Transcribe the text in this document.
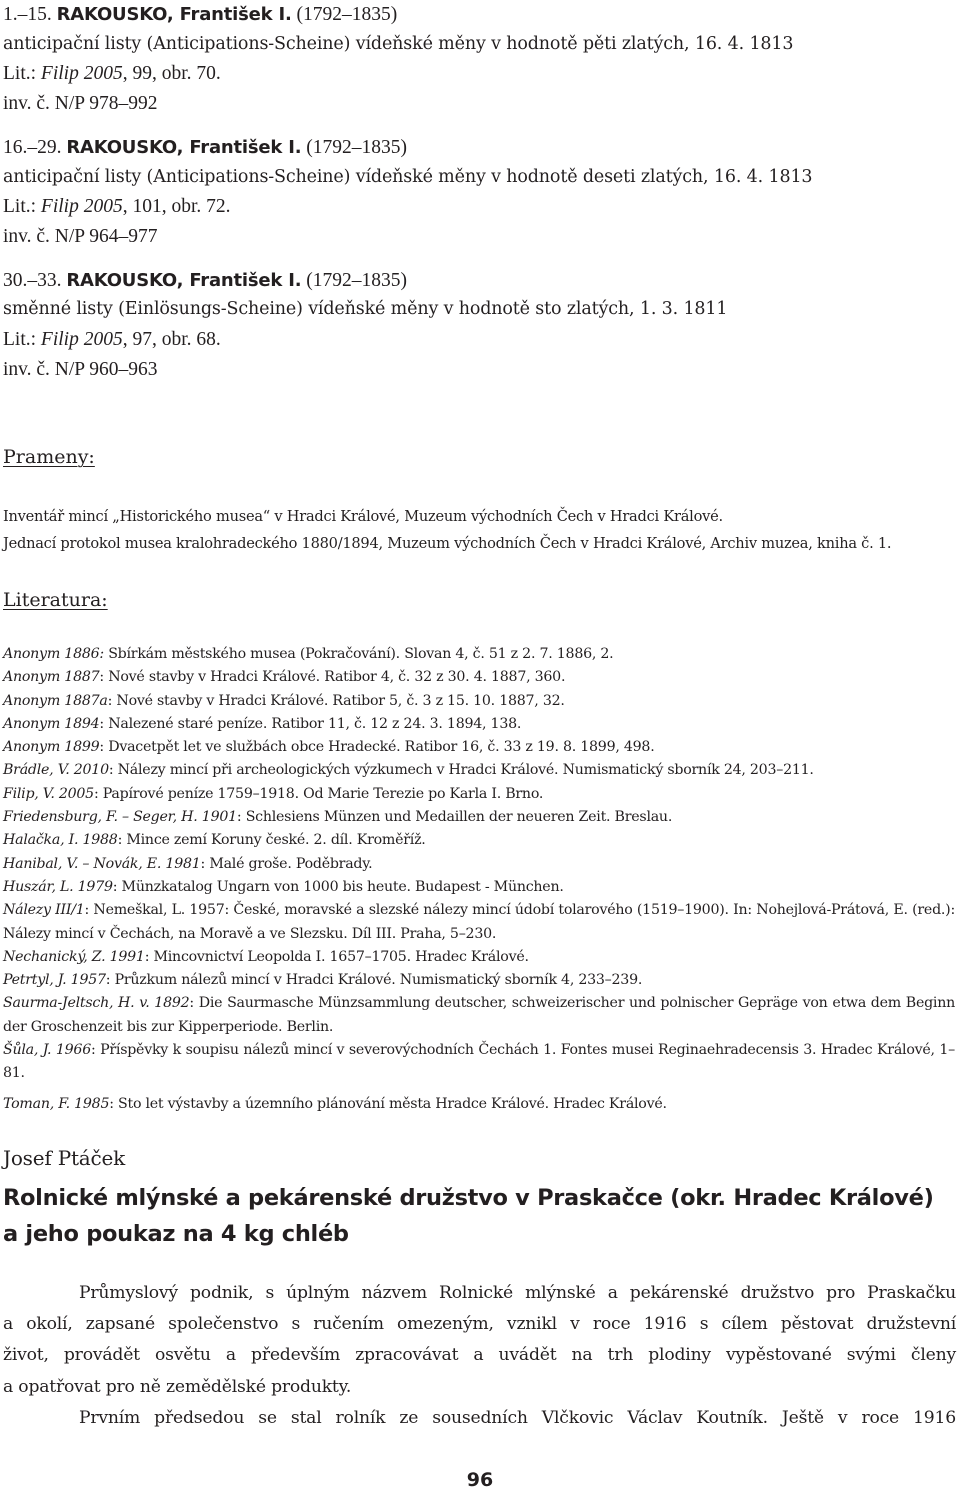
1.–15. RAKOUSKO, František I. (1792–1835)
anticipační listy (Anticipations-Scheine) vídeňské měny v hodnotě pěti zlatých, 16. 4. 1813
Lit.: Filip 2005, 99, obr. 70.
inv. č. N/P 978–992
16.–29. RAKOUSKO, František I. (1792–1835)
anticipační listy (Anticipations-Scheine) vídeňské měny v hodnotě deseti zlatých, 16. 4. 1813
Lit.: Filip 2005, 101, obr. 72.
inv. č. N/P 964–977
30.–33. RAKOUSKO, František I. (1792–1835)
směnné listy (Einlösungs-Scheine) vídeňské měny v hodnotě sto zlatých, 1. 3. 1811
Lit.: Filip 2005, 97, obr. 68.
inv. č. N/P 960–963
Prameny:
Inventář mincí „Historického musea“ v Hradci Králové, Muzeum východních Čech v Hradci Králové.
Jednací protokol musea kralohradeckého 1880/1894, Muzeum východních Čech v Hradci Králové, Archiv muzea, kniha č. 1.
Literatura:
Anonym 1886: Sbírkám městského musea (Pokračování). Slovan 4, č. 51 z 2. 7. 1886, 2.
Anonym 1887: Nové stavby v Hradci Králové. Ratibor 4, č. 32 z 30. 4. 1887, 360.
Anonym 1887a: Nové stavby v Hradci Králové. Ratibor 5, č. 3 z 15. 10. 1887, 32.
Anonym 1894: Nalezené staré peníze. Ratibor 11, č. 12 z 24. 3. 1894, 138.
Anonym 1899: Dvacetpět let ve službách obce Hradecké. Ratibor 16, č. 33 z 19. 8. 1899, 498.
Brádle, V. 2010: Nálezy mincí při archeologických výzkumech v Hradci Králové. Numismatický sborník 24, 203–211.
Filip, V. 2005: Papírové peníze 1759–1918. Od Marie Terezie po Karla I. Brno.
Friedensburg, F. – Seger, H. 1901: Schlesiens Münzen und Medaillen der neueren Zeit. Breslau.
Halačka, I. 1988: Mince zemí Koruny české. 2. díl. Kroměříž.
Hanibal, V. – Novák, E. 1981: Malé groše. Poděbrady.
Huszár, L. 1979: Münzkatalog Ungarn von 1000 bis heute. Budapest - München.
Nálezy III/1: Nemeškal, L. 1957: České, moravské a slezské nálezy mincí údobí tolarového (1519–1900). In: Nohejlová-Prátová, E. (red.): Nálezy mincí v Čechách, na Moravě a ve Slezsku. Díl III. Praha, 5–230.
Nechanický, Z. 1991: Mincovnictví Leopolda I. 1657–1705. Hradec Králové.
Petrtyl, J. 1957: Průzkum nálezů mincí v Hradci Králové. Numismatický sborník 4, 233–239.
Saurma-Jeltsch, H. v. 1892: Die Saurmasche Münzsammlung deutscher, schweizerischer und polnischer Gepräge von etwa dem Beginn der Groschenzeit bis zur Kipperperiode. Berlin.
Šůla, J. 1966: Příspěvky k soupisu nálezů mincí v severovýchodních Čechách 1. Fontes musei Reginaehradecensis 3. Hradec Králové, 1–81.
Toman, F. 1985: Sto let výstavby a územního plánování města Hradce Králové. Hradec Králové.
Josef Ptáček
Rolnické mlýnské a pekárenské družstvo v Praskačce (okr. Hradec Králové)
a jeho poukaz na 4 kg chléb
Průmyslový podnik, s úplným názvem Rolnické mlýnské a pekárenské družstvo pro Praskačku
a okolí, zapsané společenstvo s ručením omezeným, vznikl v roce 1916 s cílem pěstovat družstevní
život, provádět osvětu a především zpracovávat a uvádět na trh plodiny vypěstované svými členy
a opatřovat pro ně zemědělské produkty.
Prvním předsedou se stal rolník ze sousedních Vlčkovic Václav Koutník. Ještě v roce 1916
96
